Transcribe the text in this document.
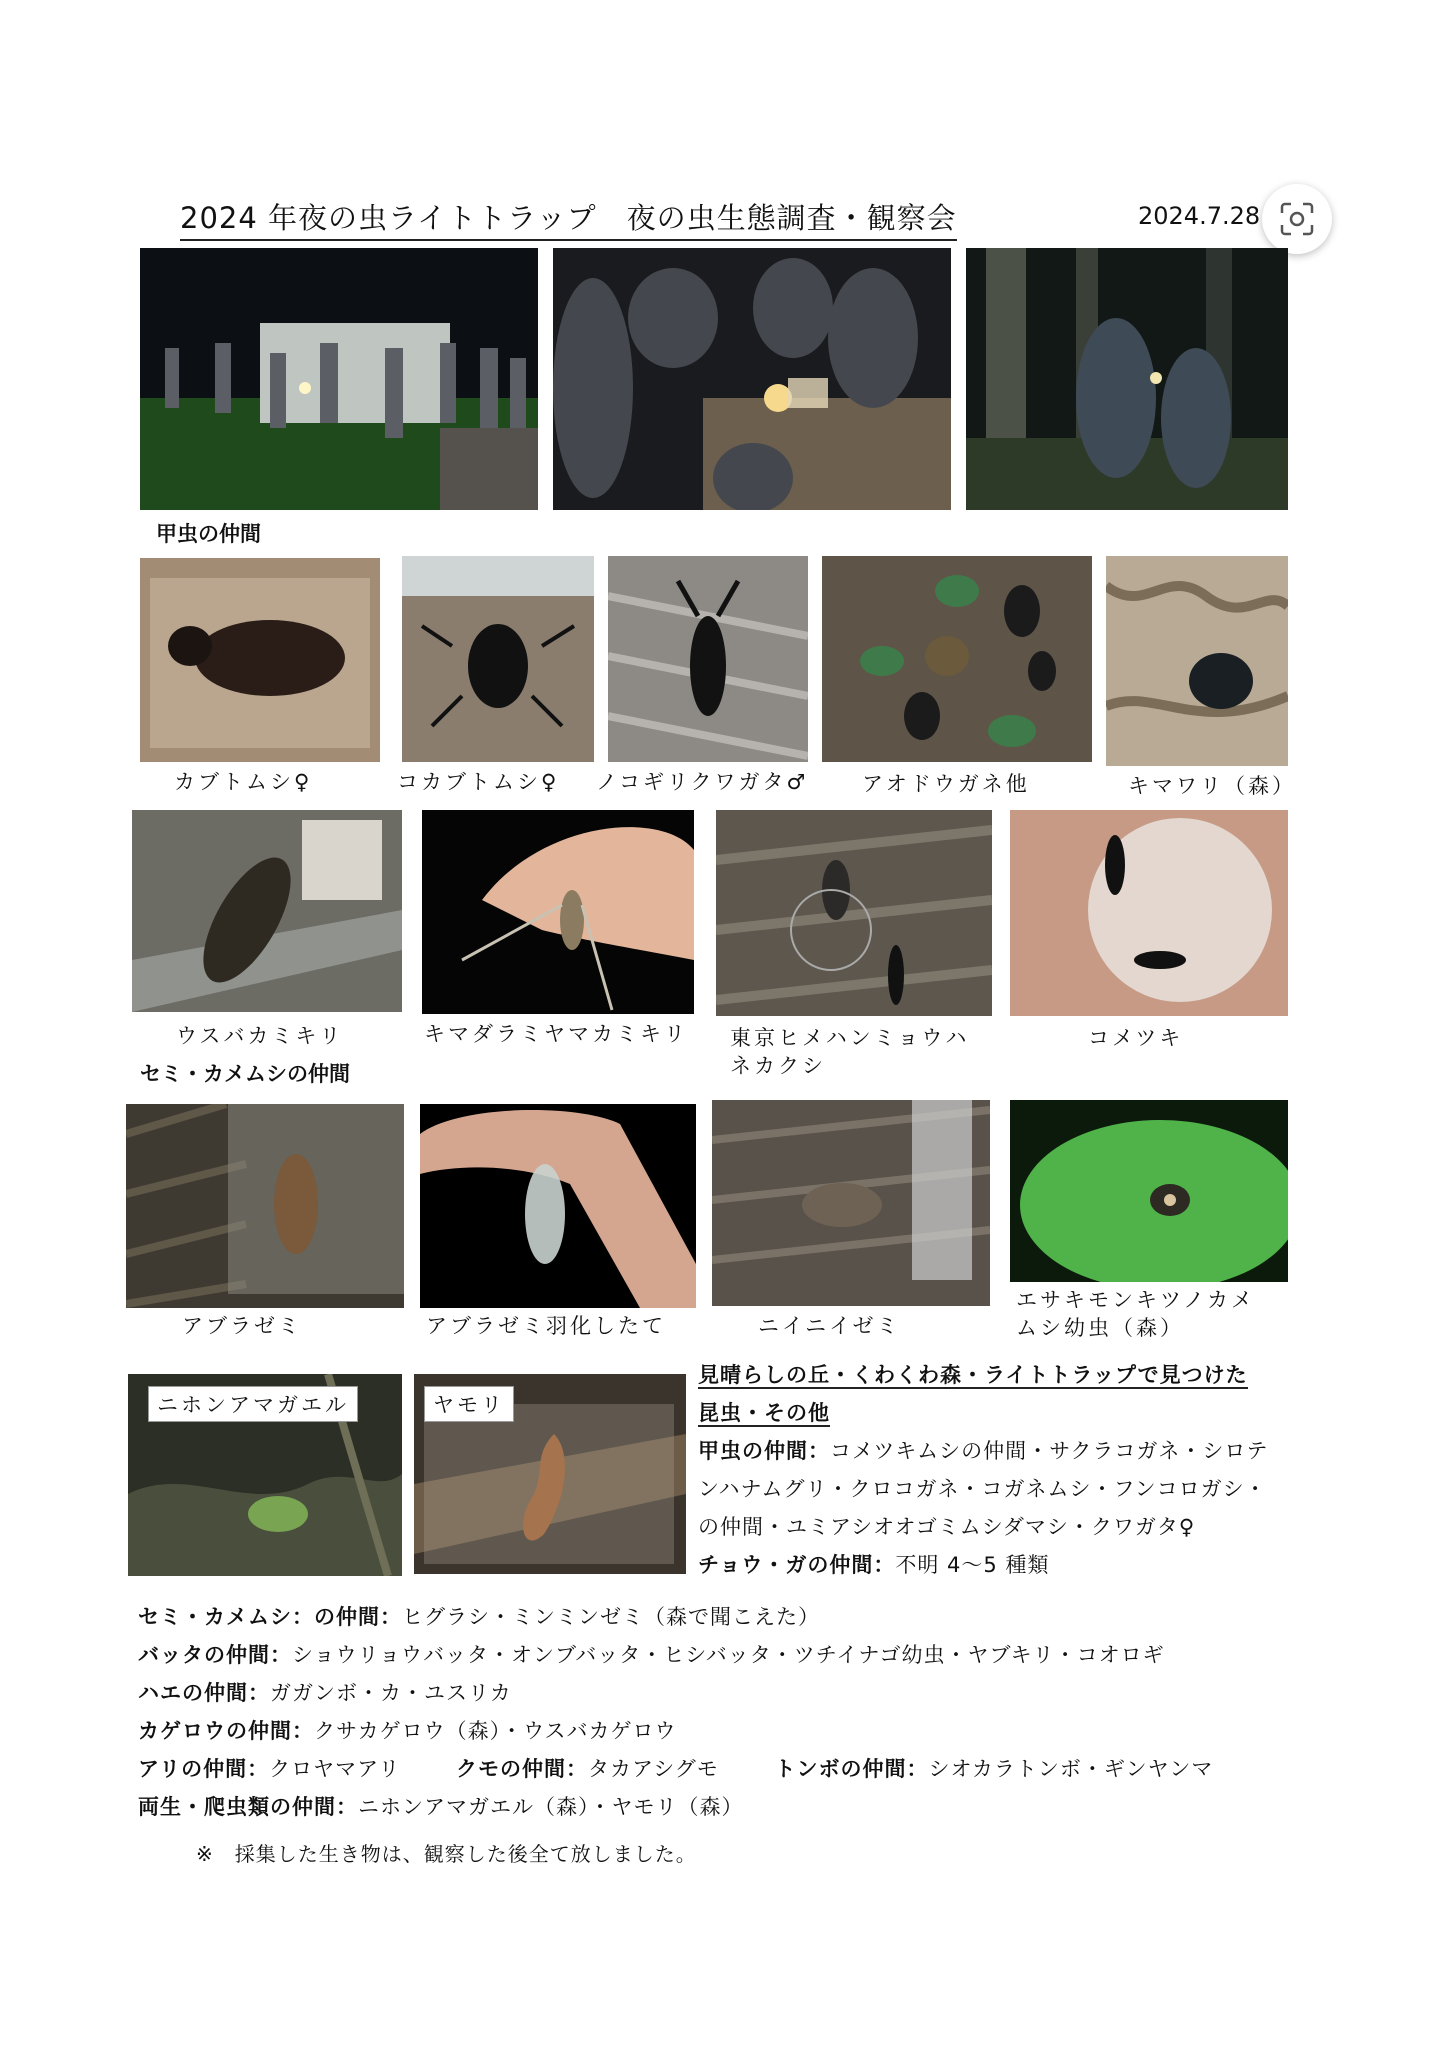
2024 年夜の虫ライトトラップ　夜の虫生態調査・観察会	2024.7.28
甲虫の仲間
カブトムシ♀	コカブトムシ♀ ノコギリクワガタ♂	アオドウガネ他	キマワリ（森）
ウスバカミキリ	キマダラミヤマカミキリ 東京ヒメハンミョウハネカクシ
コメツキ
セミ・カメムシの仲間
アブラゼミ	アブラゼミ羽化したて	ニイニイゼミ
エサキモンキツノカメムシ幼虫（森）
ニホンアマガエル	ヤモリ
見晴らしの丘・くわくわ森・ライトトラップで見つけた
昆虫・その他
甲虫の仲間：コメツキムシの仲間・サクラコガネ・シロテンハナムグリ・クロコガネ・コガネムシ・フンコロガシ・の仲間・ユミアシオオゴミムシダマシ・クワガタ♀
チョウ・ガの仲間：不明 4〜5 種類
セミ・カメムシ：の仲間：ヒグラシ・ミンミンゼミ（森で聞こえた）
バッタの仲間：ショウリョウバッタ・オンブバッタ・ヒシバッタ・ツチイナゴ幼虫・ヤブキリ・コオロギ
ハエの仲間：ガガンボ・カ・ユスリカ
カゲロウの仲間：クサカゲロウ（森）・ウスバカゲロウ
アリの仲間：クロヤマアリ	クモの仲間：タカアシグモ	トンボの仲間：シオカラトンボ・ギンヤンマ
両生・爬虫類の仲間：ニホンアマガエル（森）・ヤモリ（森）
※　採集した生き物は、観察した後全て放しました。
